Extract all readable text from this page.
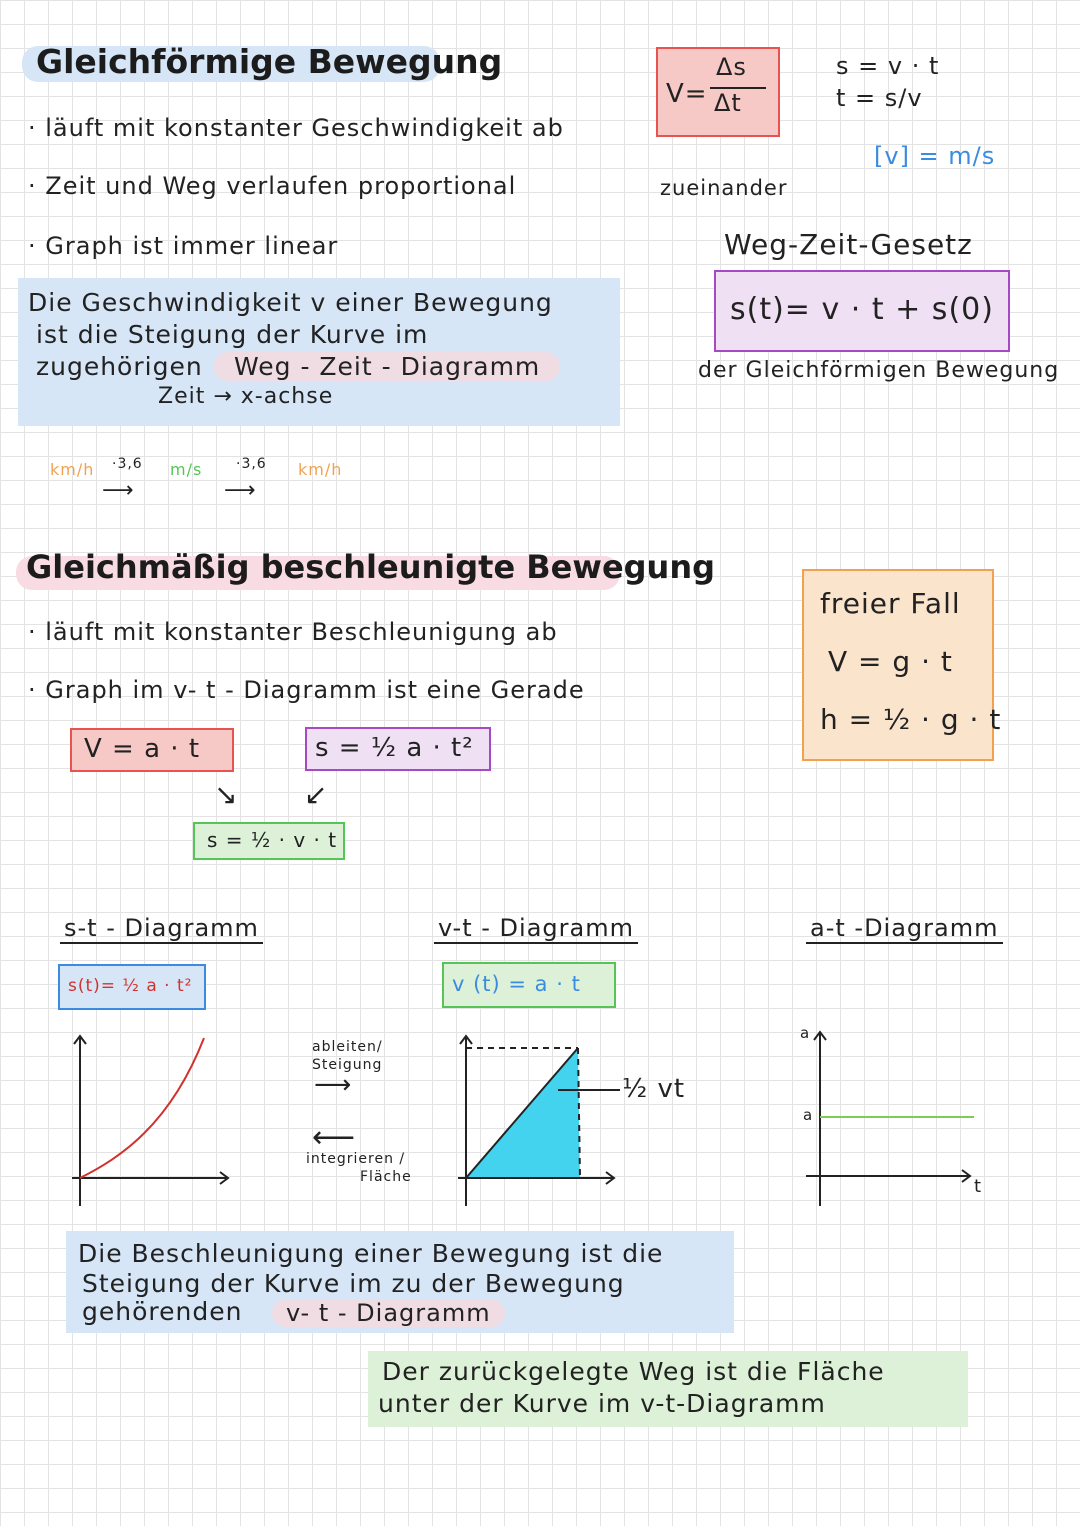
Gleichförmige Bewegung
· läuft mit konstanter Geschwindigkeit ab
· Zeit und Weg verlaufen proportional	zueinander
· Graph ist immer linear
V=
Δs
Δt
s = v · t
t = s/v
[v] = m/s
Weg-Zeit-Gesetz
s(t)= v · t + s(0)
der Gleichförmigen Bewegung
Die Geschwindigkeit v einer Bewegung
ist die Steigung der Kurve im
zugehörigen	Weg - Zeit - Diagramm
Zeit → x-achse
km/h ·3,6
⟶
m/s ·3,6
⟶
km/h
Gleichmäßig beschleunigte Bewegung
· läuft mit konstanter Beschleunigung ab
· Graph im v- t - Diagramm ist eine Gerade
V = a · t	s = ½ a · t²
↘ ↙
s = ½ · v · t
freier Fall
V = g · t
h = ½ · g · t
s-t - Diagramm	v-t - Diagramm	a-t -Diagramm
s(t)= ½ a · t²	v (t) = a · t
ableiten/
Steigung
⟶
⟵
integrieren /
Fläche
½ vt
a
a
t
Die Beschleunigung einer Bewegung ist die
Steigung der Kurve im zu der Bewegung
gehörenden	v- t - Diagramm
Der zurückgelegte Weg ist die Fläche
unter der Kurve im v-t-Diagramm
